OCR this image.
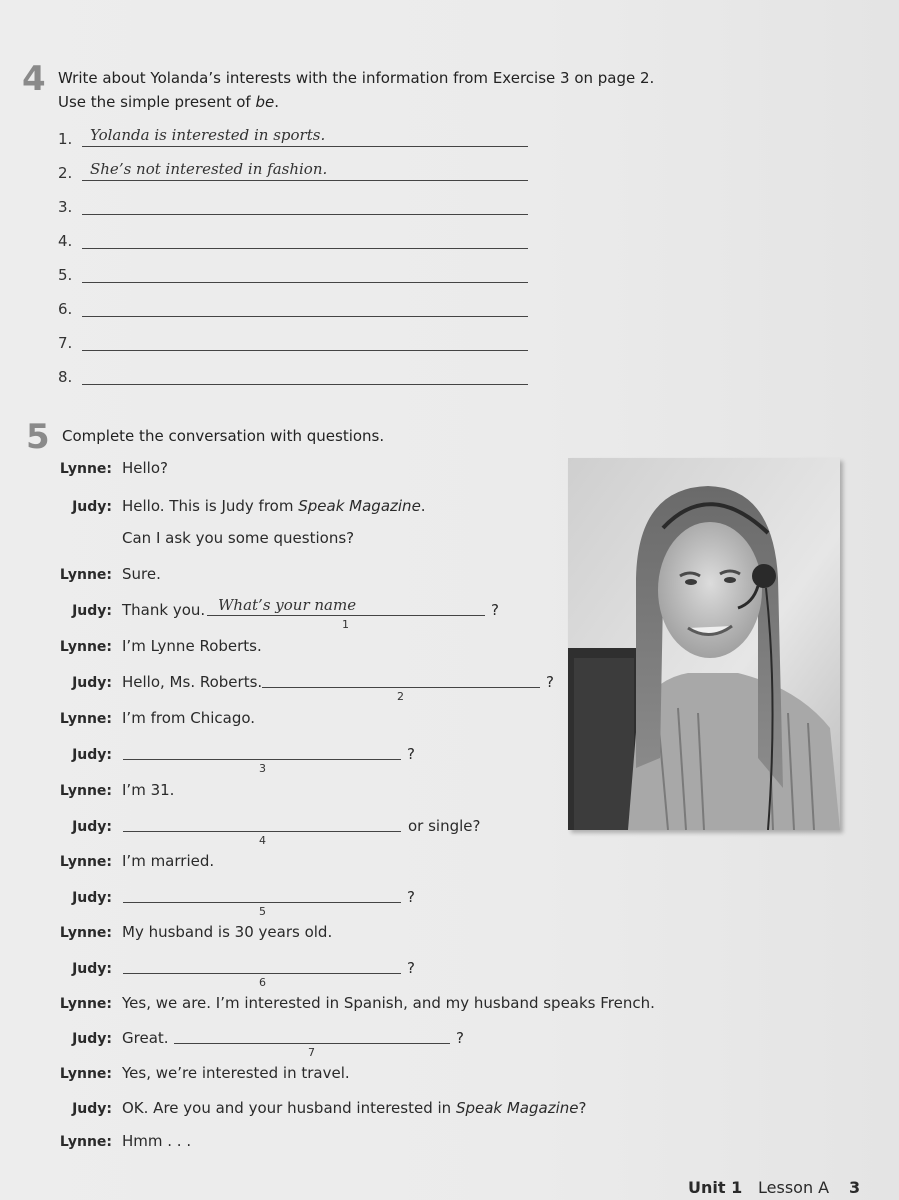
4 Write about Yolanda’s interests with the information from Exercise 3 on page 2.
Use the simple present of be.
1. Yolanda is interested in sports.
2. She’s not interested in fashion.
3.
4.
5.
6.
7.
8.
5 Complete the conversation with questions.
Lynne: Hello?
Judy: Hello. This is Judy from Speak Magazine.
Can I ask you some questions?
Lynne: Sure.
Judy: Thank you. What’s your name
1
?
Lynne: I’m Lynne Roberts.
Judy: Hello, Ms. Roberts.
2
?
Lynne: I’m from Chicago.
Judy:
3
?
Lynne: I’m 31.
Judy:
4
or single?
Lynne: I’m married.
Judy:
5
?
Lynne: My husband is 30 years old.
Judy:
6
?
Lynne: Yes, we are. I’m interested in Spanish, and my husband speaks French.
Judy: Great.
7
?
Lynne: Yes, we’re interested in travel.
Judy: OK. Are you and your husband interested in Speak Magazine?
Lynne: Hmm . . .
Unit 1 Lesson A 3
